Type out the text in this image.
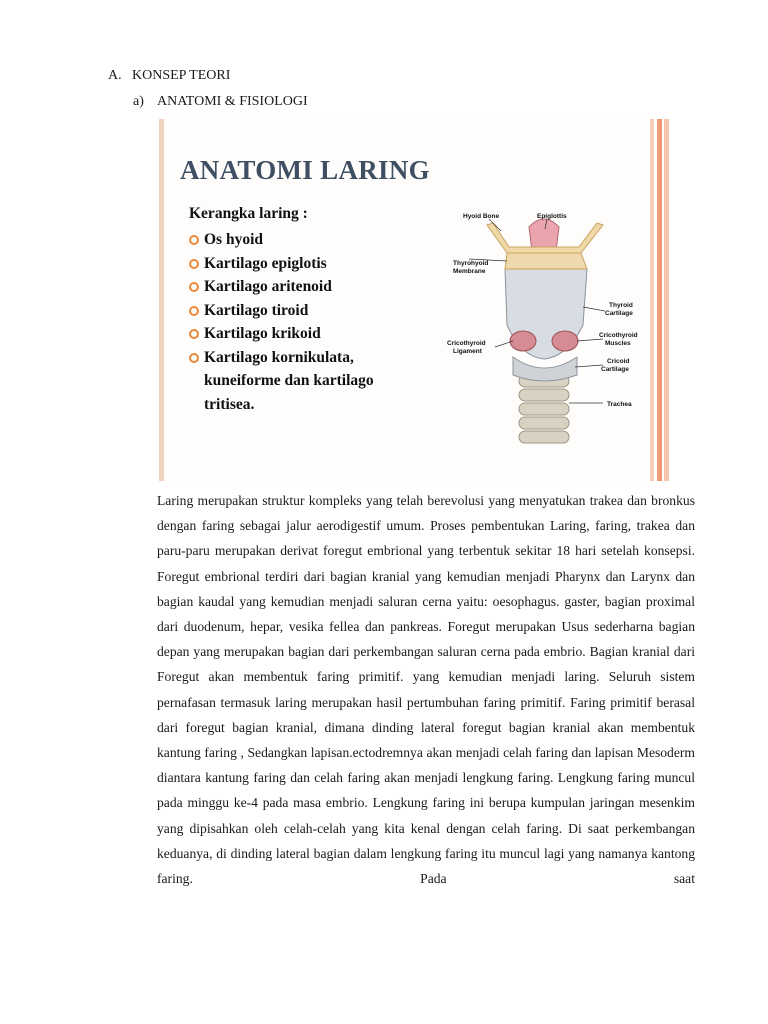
A. KONSEP TEORI
a) ANATOMI & FISIOLOGI
ANATOMI LARING
Kerangka laring :
Os hyoid
Kartilago epiglotis
Kartilago aritenoid
Kartilago tiroid
Kartilago krikoid
Kartilago kornikulata,
kuneiforme dan kartilago
tritisea.
Hyoid Bone	Epiglottis
Thyrohyoid
Membrane
Thyroid
Cartilage
Cricothyroid
Ligament
Cricothyroid
Muscles
Cricoid
Cartilage
Trachea

Laring merupakan struktur kompleks yang telah berevolusi yang menyatukan trakea dan bronkus dengan faring sebagai jalur aerodigestif umum. Proses pembentukan Laring, faring, trakea dan paru-paru merupakan derivat foregut embrional yang terbentuk sekitar 18 hari setelah konsepsi. Foregut embrional terdiri dari bagian kranial yang kemudian menjadi Pharynx dan Larynx dan bagian kaudal yang kemudian menjadi saluran cerna yaitu: oesophagus. gaster, bagian proximal dari duodenum, hepar, vesika fellea dan pankreas. Foregut merupakan Usus sederharna bagian depan yang merupakan bagian dari perkembangan saluran cerna pada embrio. Bagian kranial dari Foregut akan membentuk faring primitif. yang kemudian menjadi laring. Seluruh sistem pernafasan termasuk laring merupakan hasil pertumbuhan faring primitif. Faring primitif berasal dari foregut bagian kranial, dimana dinding lateral foregut bagian kranial akan membentuk kantung faring , Sedangkan lapisan.ectodremnya akan menjadi celah faring dan lapisan Mesoderm diantara kantung faring dan celah faring akan menjadi lengkung faring. Lengkung faring muncul pada minggu ke-4 pada masa embrio. Lengkung faring ini berupa kumpulan jaringan mesenkim yang dipisahkan oleh celah-celah yang kita kenal dengan celah faring. Di saat perkembangan keduanya, di dinding lateral bagian dalam lengkung faring itu muncul lagi yang namanya kantong faring. Pada saat
